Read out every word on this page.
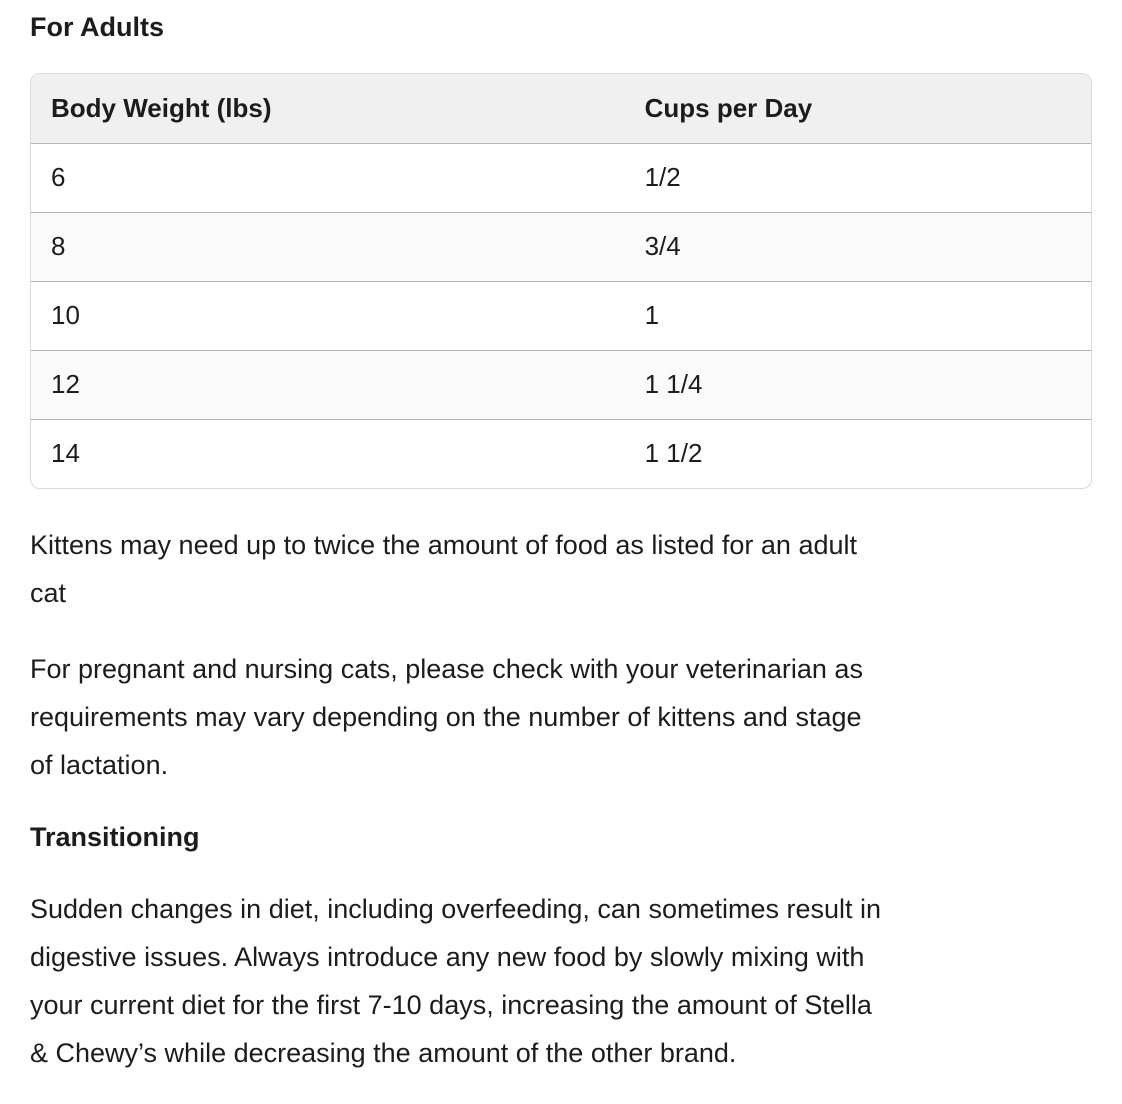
For Adults
Body Weight (lbs)	Cups per Day
6	1/2
8	3/4
10	1
12	1 1/4
14	1 1/2
Kittens may need up to twice the amount of food as listed for an adult
cat
For pregnant and nursing cats, please check with your veterinarian as
requirements may vary depending on the number of kittens and stage
of lactation.
Transitioning
Sudden changes in diet, including overfeeding, can sometimes result in
digestive issues. Always introduce any new food by slowly mixing with
your current diet for the first 7-10 days, increasing the amount of Stella
& Chewy’s while decreasing the amount of the other brand.
